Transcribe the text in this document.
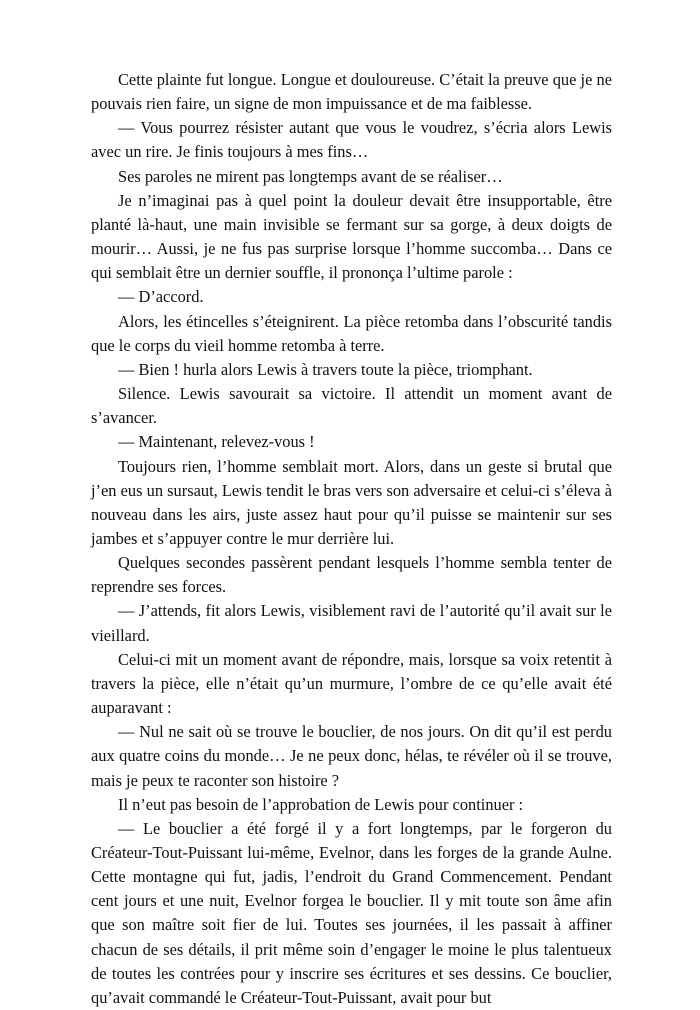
Cette plainte fut longue. Longue et douloureuse. C’était la preuve que je ne pouvais rien faire, un signe de mon impuissance et de ma faiblesse.

— Vous pourrez résister autant que vous le voudrez, s’écria alors Lewis avec un rire. Je finis toujours à mes fins…

Ses paroles ne mirent pas longtemps avant de se réaliser…

Je n’imaginai pas à quel point la douleur devait être insupportable, être planté là-haut, une main invisible se fermant sur sa gorge, à deux doigts de mourir… Aussi, je ne fus pas surprise lorsque l’homme succomba… Dans ce qui semblait être un dernier souffle, il prononça l’ultime parole :

— D’accord.

Alors, les étincelles s’éteignirent. La pièce retomba dans l’obscurité tandis que le corps du vieil homme retomba à terre.

— Bien ! hurla alors Lewis à travers toute la pièce, triomphant.

Silence. Lewis savourait sa victoire. Il attendit un moment avant de s’avancer.

— Maintenant, relevez-vous !

Toujours rien, l’homme semblait mort. Alors, dans un geste si brutal que j’en eus un sursaut, Lewis tendit le bras vers son adversaire et celui-ci s’éleva à nouveau dans les airs, juste assez haut pour qu’il puisse se maintenir sur ses jambes et s’appuyer contre le mur derrière lui.

Quelques secondes passèrent pendant lesquels l’homme sembla tenter de reprendre ses forces.

— J’attends, fit alors Lewis, visiblement ravi de l’autorité qu’il avait sur le vieillard.

Celui-ci mit un moment avant de répondre, mais, lorsque sa voix retentit à travers la pièce, elle n’était qu’un murmure, l’ombre de ce qu’elle avait été auparavant :

— Nul ne sait où se trouve le bouclier, de nos jours. On dit qu’il est perdu aux quatre coins du monde… Je ne peux donc, hélas, te révéler où il se trouve, mais je peux te raconter son histoire ?

Il n’eut pas besoin de l’approbation de Lewis pour continuer :

— Le bouclier a été forgé il y a fort longtemps, par le forgeron du Créateur-Tout-Puissant lui-même, Evelnor, dans les forges de la grande Aulne. Cette montagne qui fut, jadis, l’endroit du Grand Commencement. Pendant cent jours et une nuit, Evelnor forgea le bouclier. Il y mit toute son âme afin que son maître soit fier de lui. Toutes ses journées, il les passait à affiner chacun de ses détails, il prit même soin d’engager le moine le plus talentueux de toutes les contrées pour y inscrire ses écritures et ses dessins. Ce bouclier, qu’avait commandé le Créateur-Tout-Puissant, avait pour but
